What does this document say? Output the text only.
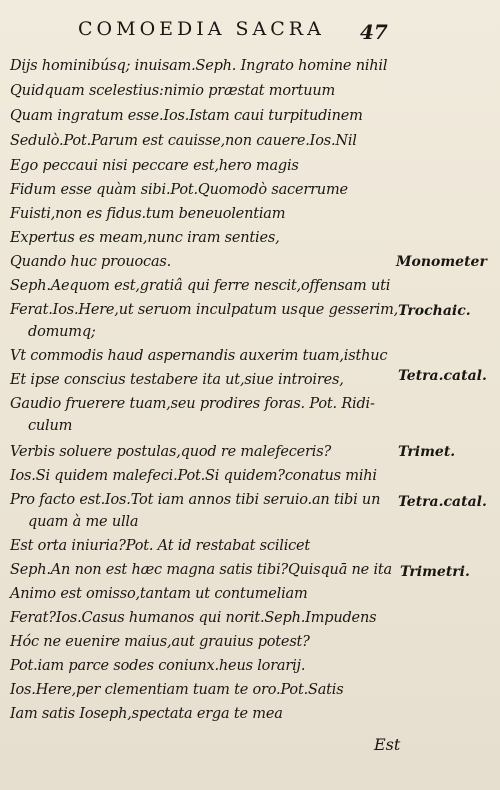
COMOEDIA SACRA	47
Dijs hominibúsq; inuisam.Seph. Ingrato homine nihil
Quidquam scelestius:nimio præstat mortuum
Quam ingratum esse.Ios.Istam caui turpitudinem
Sedulò.Pot.Parum est cauisse,non cauere.Ios.Nil
Ego peccaui nisi peccare est,hero magis
Fidum esse quàm sibi.Pot.Quomodò sacerrume
Fuisti,non es fidus.tum beneuolentiam
Expertus es meam,nunc iram senties,
Quando huc prouocas.
Seph.Aequom est,gratiâ qui ferre nescit,offensam uti
Ferat.Ios.Here,ut seruom inculpatum usque gesserim,
domumq;
Vt commodis haud aspernandis auxerim tuam,isthuc
Et ipse conscius testabere ita ut,siue introires,
Gaudio fruerere tuam,seu prodires foras. Pot. Ridi-
culum
Verbis soluere postulas,quod re malefeceris?
Ios.Si quidem malefeci.Pot.Si quidem?conatus mihi
Pro facto est.Ios.Tot iam annos tibi seruio.an tibi un
quam à me ulla
Est orta iniuria?Pot. At id restabat scilicet
Seph.An non est hæc magna satis tibi?Quisquā ne ita
Animo est omisso,tantam ut contumeliam
Ferat?Ios.Casus humanos qui norit.Seph.Impudens
Hóc ne euenire maius,aut grauius potest?
Pot.iam parce sodes coniunx.heus lorarij.
Ios.Here,per clementiam tuam te oro.Pot.Satis
Iam satis Ioseph,spectata erga te mea
Monometer
Trochaic.
Tetra.catal.
Trimet.
Tetra.catal.
Trimetri.
Est
